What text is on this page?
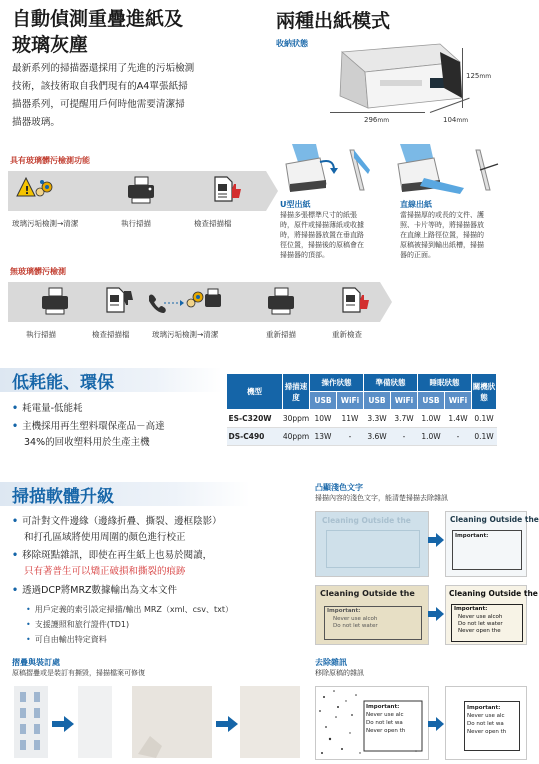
自動偵測重疊進紙及
玻璃灰塵
最新系列的掃描器還採用了先進的污垢檢測
技術，該技術取自我們現有的A4單張紙掃
描器系列，可提醒用戶何時他需要清潔掃
描器玻璃。
具有玻璃髒污檢測功能
!
玻璃污垢檢測→清潔	執行掃描	檢查掃描檔
無玻璃髒污檢測
執行掃描	檢查掃描檔	玻璃污垢檢測→清潔	重新掃描	重新檢查
兩種出紙模式
收納狀態
125mm
296mm	104mm
U型出紙
掃描多張標準尺寸的紙張
時，原件或掃描薄紙或收據
時，將掃描器放置在垂直路
徑位置，掃描後的原稿會在
掃描器的頂部。
直線出紙
當掃描厚的或長的文件、護
照、卡片等時，將掃描器放
在直線上路徑位置，掃描的
原稿被掃到輸出紙槽，掃描
器的正面。
低耗能、環保
• 耗電量-低能耗
• 主機採用再生塑料環保產品－高達
34%的回收塑料用於生產主機
機型	掃描速度	操作狀態		準備狀態		睡眠狀態		關機狀態
		USB	WiFi	USB	WiFi	USB	WiFi	
ES-C320W	30ppm	10W	11W	3.3W	3.7W	1.0W	1.4W	0.1W
DS-C490	40ppm	13W	-	3.6W	-	1.0W	-	0.1W
掃描軟體升級
• 可計對文件邊緣（邊緣折疊、撕裂、邊框陰影）
和打孔區域將使用周圍的顏色進行校正
• 移除斑點雜訊，即使在再生紙上也易於閱讀，
只有著普生可以矯正破損和撕裂的痕跡
• 透過DCP將MRZ數據輸出為文本文件
• 用戶定義的索引設定掃描/輸出 MRZ（xml、csv、txt）
• 支援護照和旅行證件(TD1)
• 可自由輸出特定資料
凸顯淺色文字
掃描內容的淺色文字，能清楚掃描去除雜訊
Cleaning Outside the	Cleaning Outside the
Important:
Cleaning Outside the
Important:
Never use alcoh
Do not let water
Cleaning Outside the
Important:
Never use alcoh
Do not let water
Never open the
摺疊與裝訂處
原稿摺疊或是裝訂有撕毀，掃描檔案可修復
去除雜訊
移除原稿的雜訊
Important:
Never use alc
Do not let wa
Never open th
Important:
Never use alc
Do not let wa
Never open th
